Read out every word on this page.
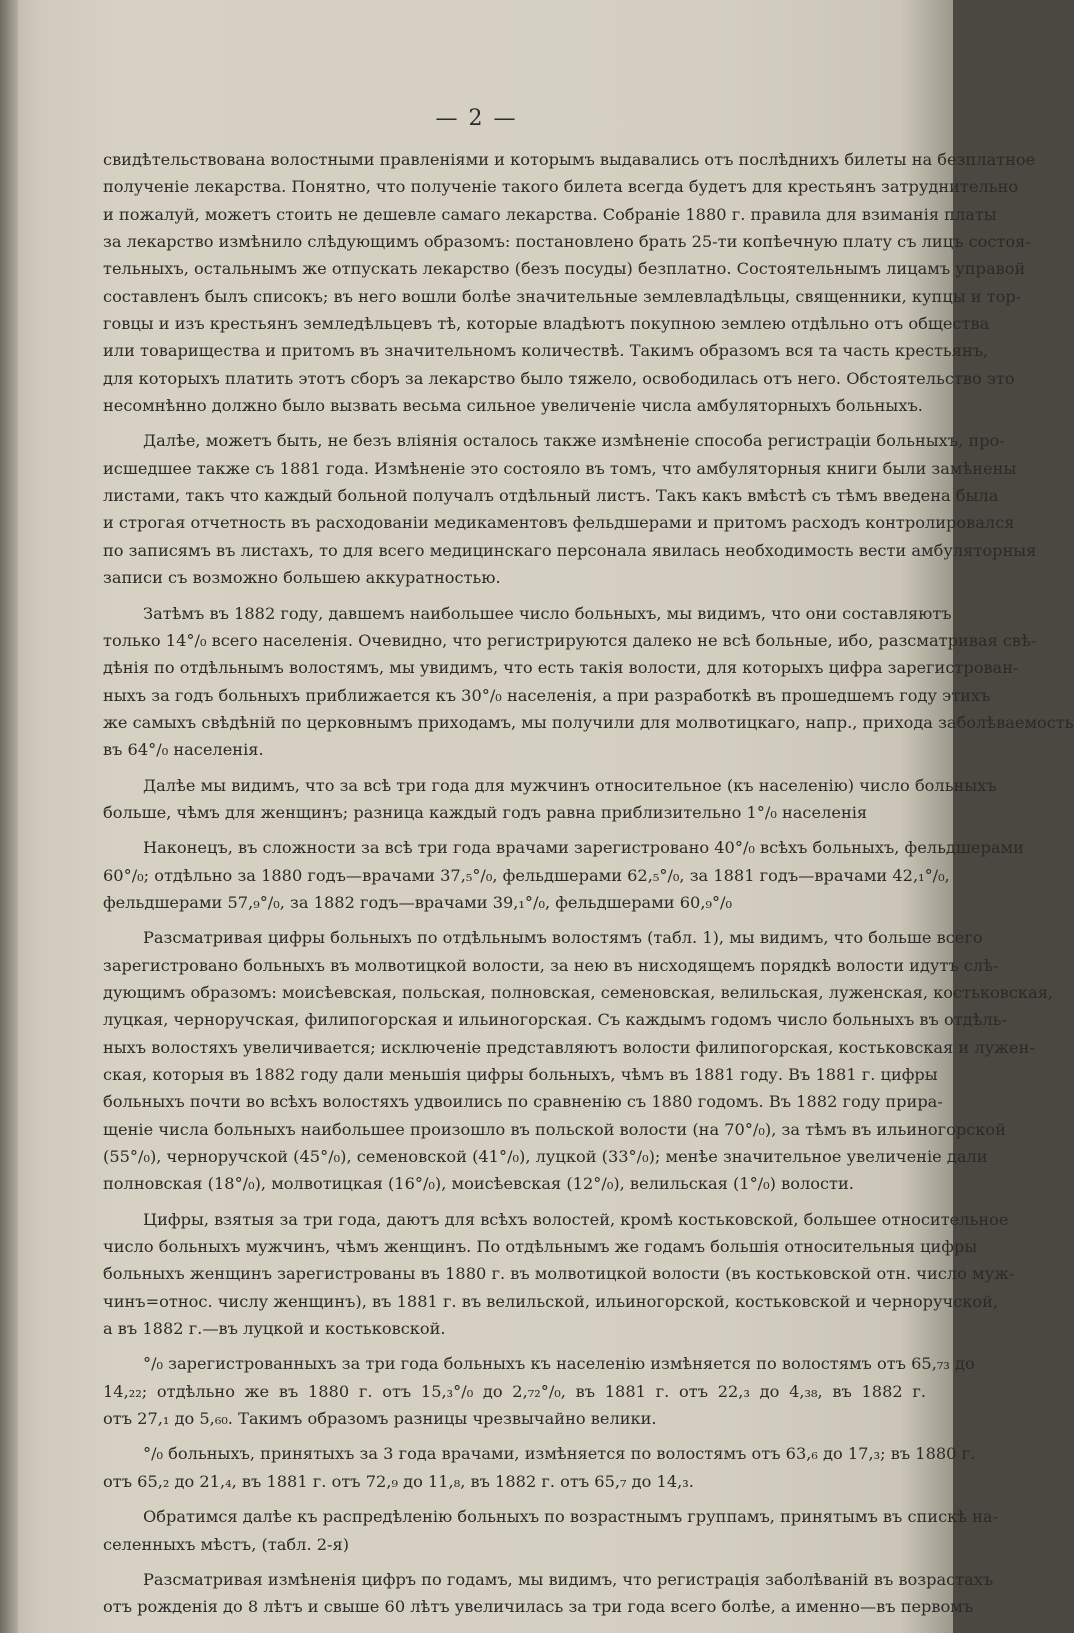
— 2 —
свидѣтельствована волостными правленіями и которымъ выдавались отъ послѣднихъ билеты на безплатное
полученіе лекарства. Понятно, что полученіе такого билета всегда будетъ для крестьянъ затруднительно
и пожалуй, можетъ стоить не дешевле самаго лекарства. Собраніе 1880 г. правила для взиманія платы
за лекарство измѣнило слѣдующимъ образомъ: постановлено брать 25-ти копѣечную плату съ лицъ состоя-
тельныхъ, остальнымъ же отпускать лекарство (безъ посуды) безплатно. Состоятельнымъ лицамъ управой
составленъ былъ списокъ; въ него вошли болѣе значительные землевладѣльцы, священники, купцы и тор-
говцы и изъ крестьянъ земледѣльцевъ тѣ, которые владѣютъ покупною землею отдѣльно отъ общества
или товарищества и притомъ въ значительномъ количествѣ. Такимъ образомъ вся та часть крестьянъ,
для которыхъ платить этотъ сборъ за лекарство было тяжело, освободилась отъ него. Обстоятельство это
несомнѣнно должно было вызвать весьма сильное увеличеніе числа амбуляторныхъ больныхъ.
Далѣе, можетъ быть, не безъ вліянія осталось также измѣненіе способа регистраціи больныхъ, про-
исшедшее также съ 1881 года. Измѣненіе это состояло въ томъ, что амбуляторныя книги были замѣнены
листами, такъ что каждый больной получалъ отдѣльный листъ. Такъ какъ вмѣстѣ съ тѣмъ введена была
и строгая отчетность въ расходованіи медикаментовъ фельдшерами и притомъ расходъ контролировался
по записямъ въ листахъ, то для всего медицинскаго персонала явилась необходимость вести амбуляторныя
записи съ возможно большею аккуратностью.
Затѣмъ въ 1882 году, давшемъ наибольшее число больныхъ, мы видимъ, что они составляютъ
только 14°/₀ всего населенія. Очевидно, что регистрируются далеко не всѣ больные, ибо, разсматривая свѣ-
дѣнія по отдѣльнымъ волостямъ, мы увидимъ, что есть такія волости, для которыхъ цифра зарегистрован-
ныхъ за годъ больныхъ приближается къ 30°/₀ населенія, а при разработкѣ въ прошедшемъ году этихъ
же самыхъ свѣдѣній по церковнымъ приходамъ, мы получили для молвотицкаго, напр., прихода заболѣваемость
въ 64°/₀ населенія.
Далѣе мы видимъ, что за всѣ три года для мужчинъ относительное (къ населенію) число больныхъ
больше, чѣмъ для женщинъ; разница каждый годъ равна приблизительно 1°/₀ населенія
Наконецъ, въ сложности за всѣ три года врачами зарегистровано 40°/₀ всѣхъ больныхъ, фельдшерами
60°/₀; отдѣльно за 1880 годъ—врачами 37,₅°/₀, фельдшерами 62,₅°/₀, за 1881 годъ—врачами 42,₁°/₀,
фельдшерами 57,₉°/₀, за 1882 годъ—врачами 39,₁°/₀, фельдшерами 60,₉°/₀
Разсматривая цифры больныхъ по отдѣльнымъ волостямъ (табл. 1), мы видимъ, что больше всего
зарегистровано больныхъ въ молвотицкой волости, за нею въ нисходящемъ порядкѣ волости идутъ слѣ-
дующимъ образомъ: моисѣевская, польская, полновская, семеновская, велильская, луженская, костьковская,
луцкая, черноручская, филипогорская и ильиногорская. Съ каждымъ годомъ число больныхъ въ отдѣль-
ныхъ волостяхъ увеличивается; исключеніе представляютъ волости филипогорская, костьковская и лужен-
ская, которыя въ 1882 году дали меньшія цифры больныхъ, чѣмъ въ 1881 году. Въ 1881 г. цифры
больныхъ почти во всѣхъ волостяхъ удвоились по сравненію съ 1880 годомъ. Въ 1882 году прира-
щеніе числа больныхъ наибольшее произошло въ польской волости (на 70°/₀), за тѣмъ въ ильиногорской
(55°/₀), черноручской (45°/₀), семеновской (41°/₀), луцкой (33°/₀); менѣе значительное увеличеніе дали
полновская (18°/₀), молвотицкая (16°/₀), моисѣевская (12°/₀), велильская (1°/₀) волости.
Цифры, взятыя за три года, даютъ для всѣхъ волостей, кромѣ костьковской, большее относительное
число больныхъ мужчинъ, чѣмъ женщинъ. По отдѣльнымъ же годамъ большія относительныя цифры
больныхъ женщинъ зарегистрованы въ 1880 г. въ молвотицкой волости (въ костьковской отн. число муж-
чинъ=относ. числу женщинъ), въ 1881 г. въ велильской, ильиногорской, костьковской и черноручской,
а въ 1882 г.—въ луцкой и костьковской.
°/₀ зарегистрованныхъ за три года больныхъ къ населенію измѣняется по волостямъ отъ 65,₇₃ до
14,₂₂; отдѣльно же въ 1880 г. отъ 15,₃°/₀ до 2,₇₂°/₀, въ 1881 г. отъ 22,₃ до 4,₃₈, въ 1882 г.
отъ 27,₁ до 5,₆₀. Такимъ образомъ разницы чрезвычайно велики.
°/₀ больныхъ, принятыхъ за 3 года врачами, измѣняется по волостямъ отъ 63,₆ до 17,₃; въ 1880 г.
отъ 65,₂ до 21,₄, въ 1881 г. отъ 72,₉ до 11,₈, въ 1882 г. отъ 65,₇ до 14,₃.
Обратимся далѣе къ распредѣленію больныхъ по возрастнымъ группамъ, принятымъ въ спискѣ на-
селенныхъ мѣстъ, (табл. 2-я)
Разсматривая измѣненія цифръ по годамъ, мы видимъ, что регистрація заболѣваній въ возрастахъ
отъ рожденія до 8 лѣтъ и свыше 60 лѣтъ увеличилась за три года всего болѣе, а именно—въ первомъ
